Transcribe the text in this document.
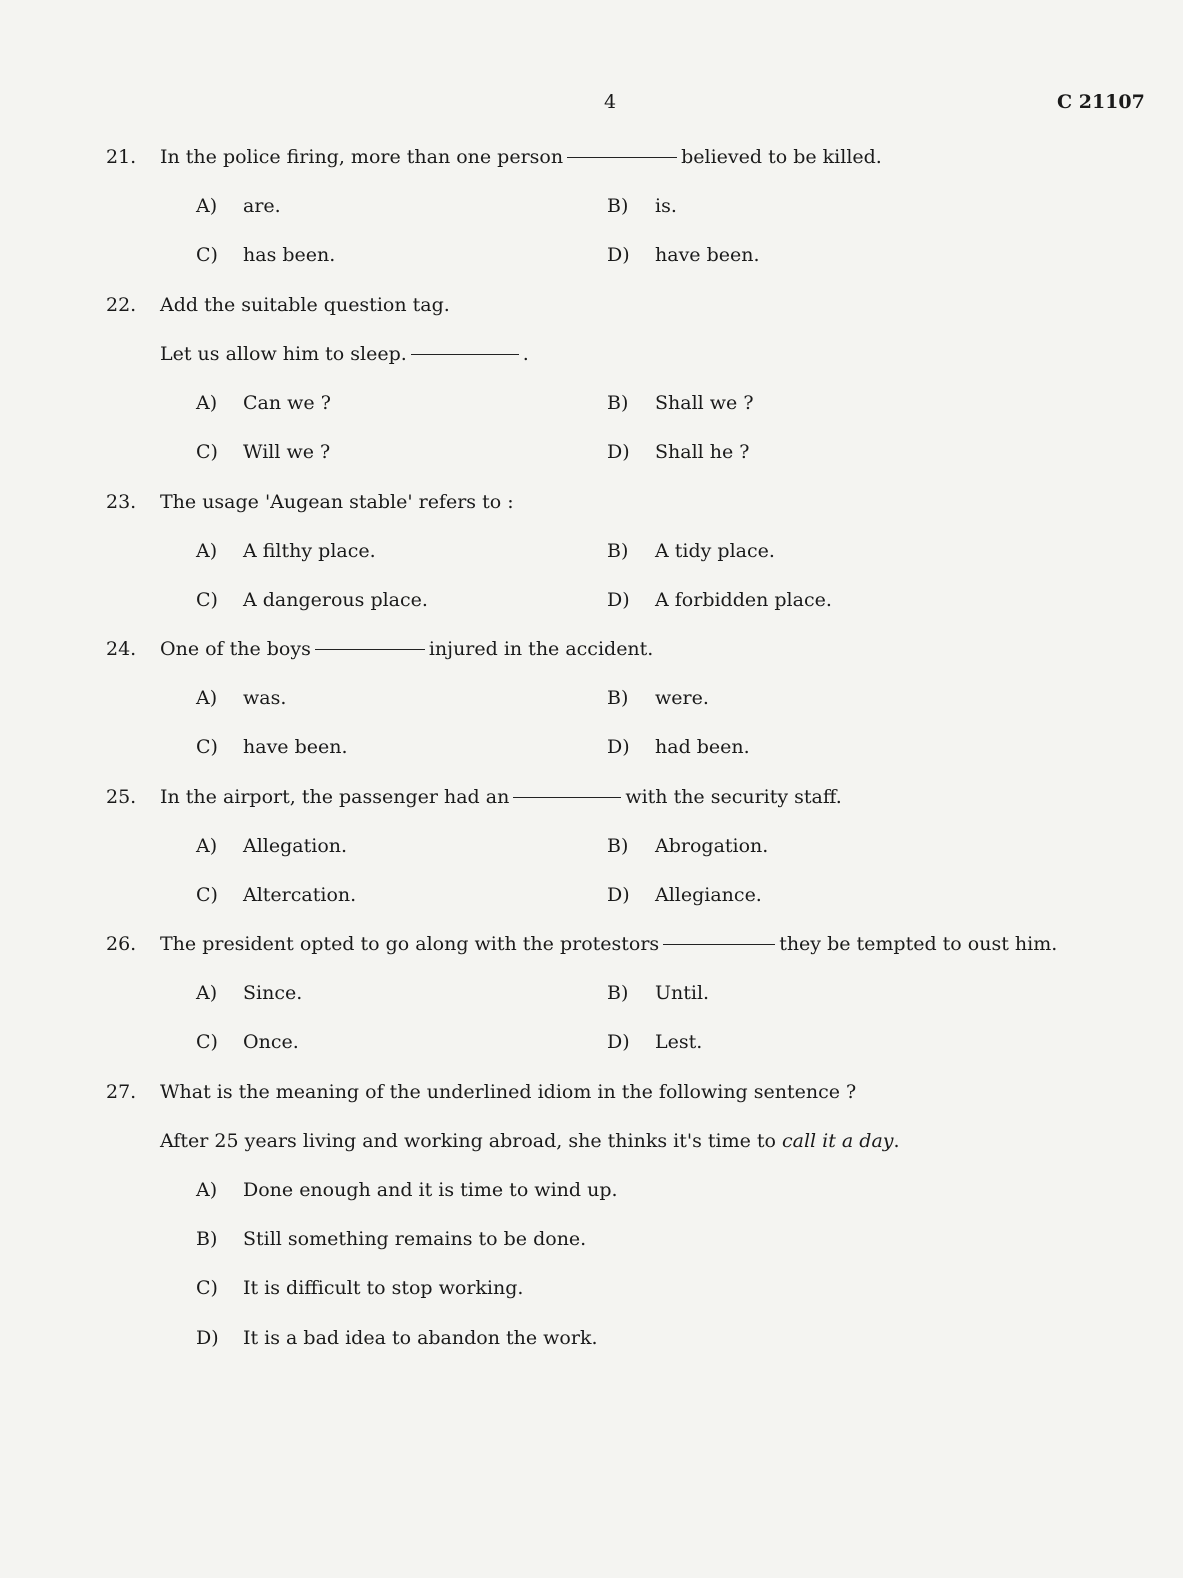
4	C 21107
21. In the police firing, more than one person	believed to be killed.
A) are.	B) is.
C) has been.	D) have been.
22. Add the suitable question tag.
Let us allow him to sleep.	.
A) Can we ?	B) Shall we ?
C) Will we ?	D) Shall he ?
23. The usage 'Augean stable' refers to :
A) A filthy place.	B) A tidy place.
C) A dangerous place.	D) A forbidden place.
24. One of the boys	injured in the accident.
A) was.	B) were.
C) have been.	D) had been.
25. In the airport, the passenger had an	with the security staff.
A) Allegation.	B) Abrogation.
C) Altercation.	D) Allegiance.
26. The president opted to go along with the protestors	they be tempted to oust him.
A) Since.	B) Until.
C) Once.	D) Lest.
27. What is the meaning of the underlined idiom in the following sentence ?
After 25 years living and working abroad, she thinks it's time to call it a day.
A) Done enough and it is time to wind up.
B) Still something remains to be done.
C) It is difficult to stop working.
D) It is a bad idea to abandon the work.
